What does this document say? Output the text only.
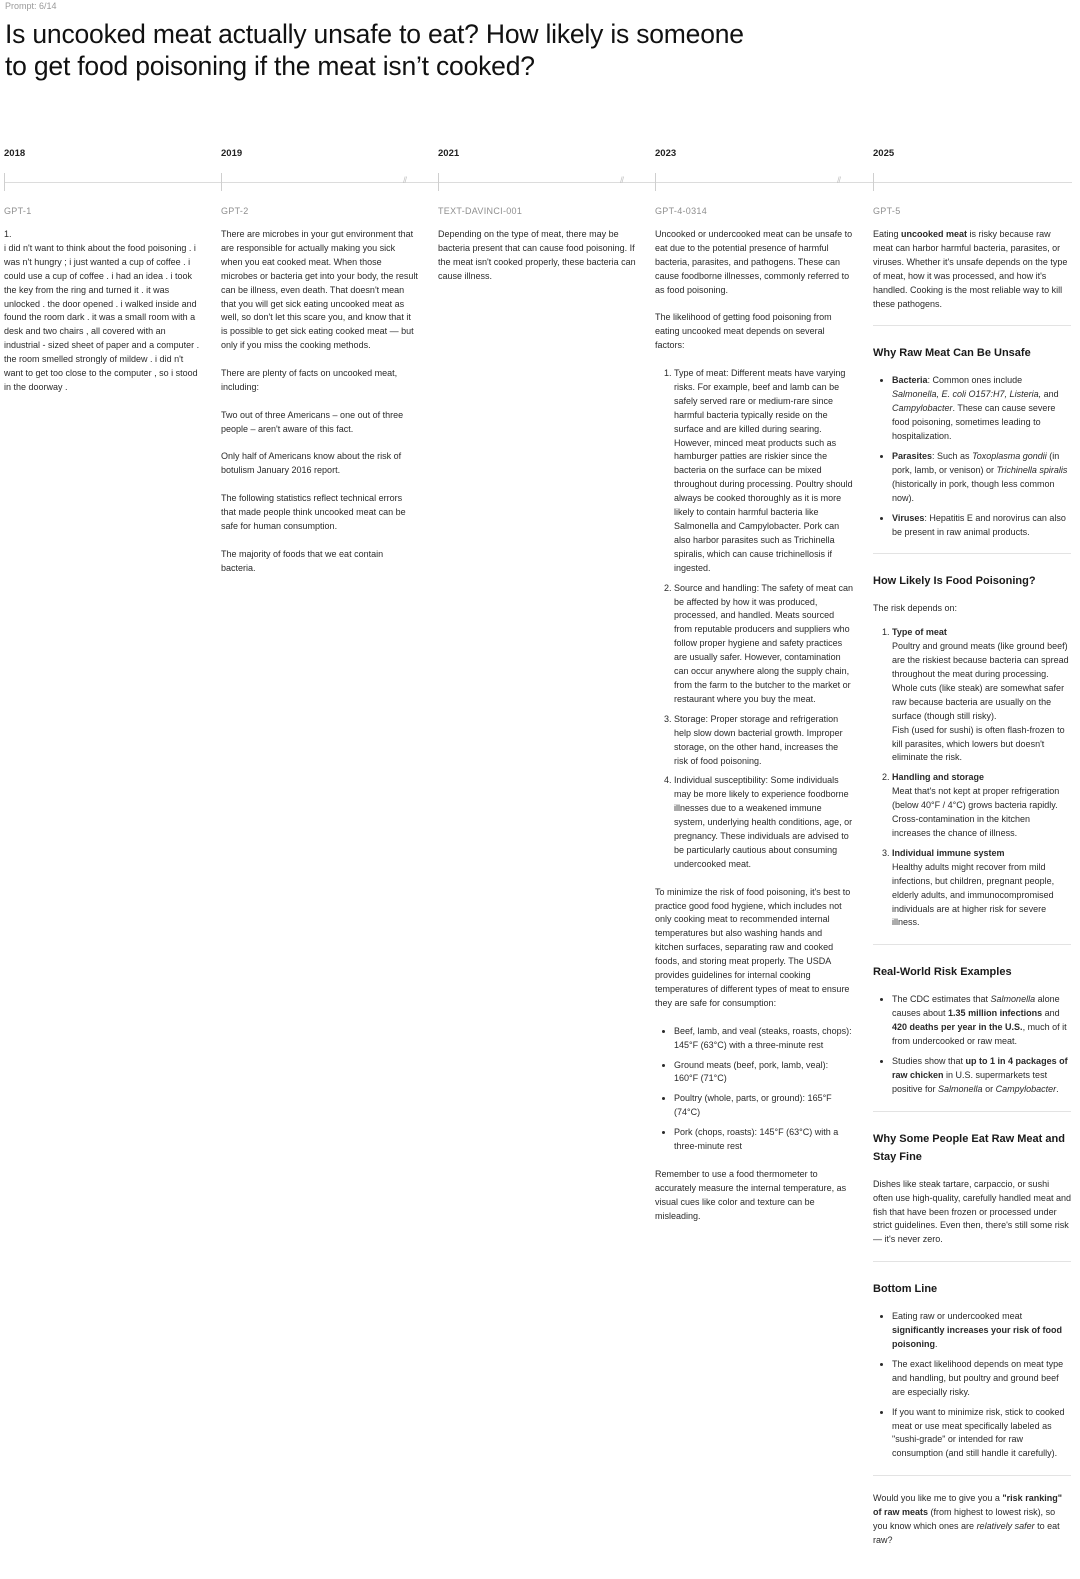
Prompt: 6/14
Is uncooked meat actually unsafe to eat? How likely is someone to get food poisoning if the meat isn’t cooked?
2018
GPT-1
2019
GPT-2
//
2021
TEXT-DAVINCI-001
//
2023
GPT-4-0314
//
2025
GPT-5
1.
i did n't want to think about the food poisoning . i was n't hungry ; i just wanted a cup of coffee . i could use a cup of coffee . i had an idea . i took the key from the ring and turned it . it was unlocked . the door opened . i walked inside and found the room dark . it was a small room with a desk and two chairs , all covered with an industrial - sized sheet of paper and a computer . the room smelled strongly of mildew . i did n't want to get too close to the computer , so i stood in the doorway .

There are microbes in your gut environment that are responsible for actually making you sick when you eat cooked meat. When those microbes or bacteria get into your body, the result can be illness, even death. That doesn't mean that you will get sick eating uncooked meat as well, so don't let this scare you, and know that it is possible to get sick eating cooked meat — but only if you miss the cooking methods.

There are plenty of facts on uncooked meat, including:

Two out of three Americans – one out of three people – aren't aware of this fact.

Only half of Americans know about the risk of botulism January 2016 report.

The following statistics reflect technical errors that made people think uncooked meat can be safe for human consumption.

The majority of foods that we eat contain bacteria.

Depending on the type of meat, there may be bacteria present that can cause food poisoning. If the meat isn't cooked properly, these bacteria can cause illness.

Uncooked or undercooked meat can be unsafe to eat due to the potential presence of harmful bacteria, parasites, and pathogens. These can cause foodborne illnesses, commonly referred to as food poisoning.

The likelihood of getting food poisoning from eating uncooked meat depends on several factors:

1. Type of meat: Different meats have varying risks. For example, beef and lamb can be safely served rare or medium-rare since harmful bacteria typically reside on the surface and are killed during searing. However, minced meat products such as hamburger patties are riskier since the bacteria on the surface can be mixed throughout during processing. Poultry should always be cooked thoroughly as it is more likely to contain harmful bacteria like Salmonella and Campylobacter. Pork can also harbor parasites such as Trichinella spiralis, which can cause trichinellosis if ingested.
2. Source and handling: The safety of meat can be affected by how it was produced, processed, and handled. Meats sourced from reputable producers and suppliers who follow proper hygiene and safety practices are usually safer. However, contamination can occur anywhere along the supply chain, from the farm to the butcher to the market or restaurant where you buy the meat.
3. Storage: Proper storage and refrigeration help slow down bacterial growth. Improper storage, on the other hand, increases the risk of food poisoning.
4. Individual susceptibility: Some individuals may be more likely to experience foodborne illnesses due to a weakened immune system, underlying health conditions, age, or pregnancy. These individuals are advised to be particularly cautious about consuming undercooked meat.

To minimize the risk of food poisoning, it's best to practice good food hygiene, which includes not only cooking meat to recommended internal temperatures but also washing hands and kitchen surfaces, separating raw and cooked foods, and storing meat properly. The USDA provides guidelines for internal cooking temperatures of different types of meat to ensure they are safe for consumption:

• Beef, lamb, and veal (steaks, roasts, chops): 145°F (63°C) with a three-minute rest
• Ground meats (beef, pork, lamb, veal): 160°F (71°C)
• Poultry (whole, parts, or ground): 165°F (74°C)
• Pork (chops, roasts): 145°F (63°C) with a three-minute rest

Remember to use a food thermometer to accurately measure the internal temperature, as visual cues like color and texture can be misleading.

Eating uncooked meat is risky because raw meat can harbor harmful bacteria, parasites, or viruses. Whether it's unsafe depends on the type of meat, how it was processed, and how it's handled. Cooking is the most reliable way to kill these pathogens.

Why Raw Meat Can Be Unsafe
• Bacteria: Common ones include Salmonella, E. coli O157:H7, Listeria, and Campylobacter. These can cause severe food poisoning, sometimes leading to hospitalization.
• Parasites: Such as Toxoplasma gondii (in pork, lamb, or venison) or Trichinella spiralis (historically in pork, though less common now).
• Viruses: Hepatitis E and norovirus can also be present in raw animal products.
How Likely Is Food Poisoning?

The risk depends on:

1. Type of meat
Poultry and ground meats (like ground beef) are the riskiest because bacteria can spread throughout the meat during processing.
Whole cuts (like steak) are somewhat safer raw because bacteria are usually on the surface (though still risky).
Fish (used for sushi) is often flash-frozen to kill parasites, which lowers but doesn't eliminate the risk.
2. Handling and storage
Meat that's not kept at proper refrigeration (below 40°F / 4°C) grows bacteria rapidly.
Cross-contamination in the kitchen increases the chance of illness.
3. Individual immune system
Healthy adults might recover from mild infections, but children, pregnant people, elderly adults, and immunocompromised individuals are at higher risk for severe illness.
Real-World Risk Examples
• The CDC estimates that Salmonella alone causes about 1.35 million infections and 420 deaths per year in the U.S., much of it from undercooked or raw meat.
• Studies show that up to 1 in 4 packages of raw chicken in U.S. supermarkets test positive for Salmonella or Campylobacter.
Why Some People Eat Raw Meat and Stay Fine

Dishes like steak tartare, carpaccio, or sushi often use high-quality, carefully handled meat and fish that have been frozen or processed under strict guidelines. Even then, there's still some risk — it's never zero.

Bottom Line
• Eating raw or undercooked meat significantly increases your risk of food poisoning.
• The exact likelihood depends on meat type and handling, but poultry and ground beef are especially risky.
• If you want to minimize risk, stick to cooked meat or use meat specifically labeled as "sushi-grade" or intended for raw consumption (and still handle it carefully).

Would you like me to give you a "risk ranking" of raw meats (from highest to lowest risk), so you know which ones are relatively safer to eat raw?
